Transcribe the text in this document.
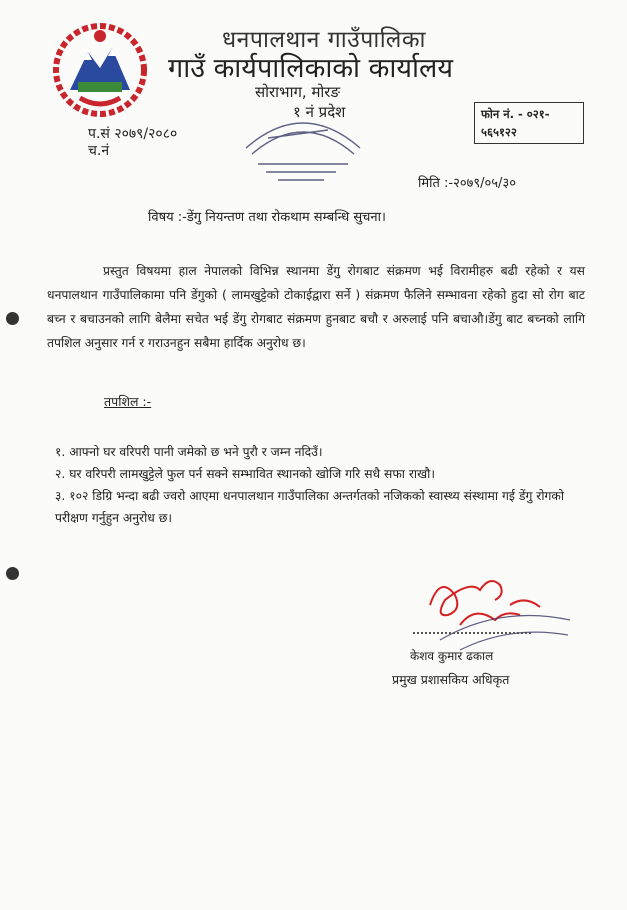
धनपालथान गाउँपालिका
गाउँ कार्यपालिकाको कार्यालय
सोराभाग, मोरङ
१ नं प्रदेश	फोन नं. - ०२१-
५६५१२२
प.सं २०७९/२०८०
च.नं
मिति :-२०७९/०५/३०
विषय :-डेंगु नियन्तण तथा रोकथाम सम्बन्धि सुचना।
प्रस्तुत विषयमा हाल नेपालको विभिन्न स्थानमा डेंगु रोगबाट संक्रमण भई विरामीहरु बढी रहेको र यस धनपालथान गाउँपालिकामा पनि डेंगुको ( लामखुट्टेको टोकाईद्वारा सर्ने ) संक्रमण फैलिने सम्भावना रहेको हुदा सो रोग बाट बच्न र बचाउनको लागि बेलैमा सचेत भई डेंगु रोगबाट संक्रमण हुनबाट बचौ र अरुलाई पनि बचाऔ।डेंगु बाट बच्नको लागि तपशिल अनुसार गर्न र गराउनहुन सबैमा हार्दिक अनुरोध छ।
तपशिल :-
१. आफ्नो घर वरिपरी पानी जमेको छ भने पुरौ र जम्न नदिउँ।
२. घर वरिपरी लामखुट्टेले फुल पर्न सक्ने सम्भावित स्थानको खोजि गरि सधै सफा राखौ।
३. १०२ डिग्रि भन्दा बढी ज्वरो आएमा धनपालथान गाउँपालिका अन्तर्गतको नजिकको स्वास्थ्य संस्थामा गई डेंगु रोगको परीक्षण गर्नुहुन अनुरोध छ।
केशव कुमार ढकाल
प्रमुख प्रशासकिय अधिकृत
